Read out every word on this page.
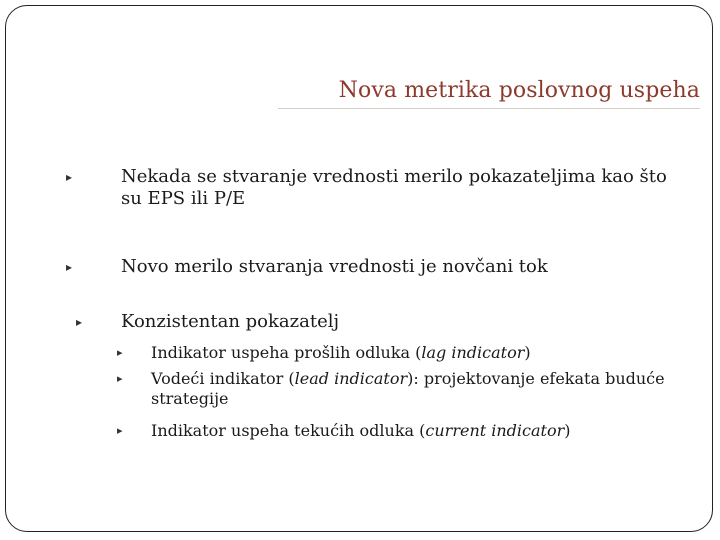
Nova metrika poslovnog uspeha
▸	Nekada se stvaranje vrednosti merilo pokazateljima kao što
su EPS ili P/E
▸	Novo merilo stvaranja vrednosti je novčani tok
▸	Konzistentan pokazatelj
▸	Indikator uspeha prošlih odluka (lag indicator)
▸	Vodeći indikator (lead indicator): projektovanje efekata buduće
strategije
▸	Indikator uspeha tekućih odluka (current indicator)
